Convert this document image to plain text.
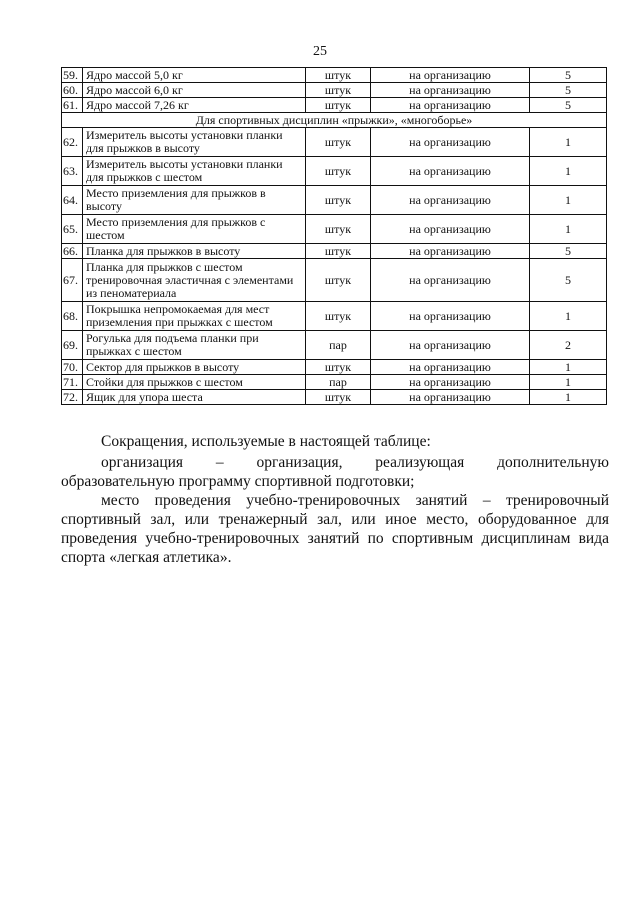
25
59.	Ядро массой 5,0 кг	штук	на организацию	5
60.	Ядро массой 6,0 кг	штук	на организацию	5
61.	Ядро массой 7,26 кг	штук	на организацию	5
Для спортивных дисциплин «прыжки», «многоборье»				
62.	Измеритель высоты установки планки для прыжков в высоту	штук	на организацию	1
63.	Измеритель высоты установки планки для прыжков с шестом	штук	на организацию	1
64.	Место приземления для прыжков в высоту	штук	на организацию	1
65.	Место приземления для прыжков с шестом	штук	на организацию	1
66.	Планка для прыжков в высоту	штук	на организацию	5
67.	Планка для прыжков с шестом тренировочная эластичная с элементами из пеноматериала	штук	на организацию	5
68.	Покрышка непромокаемая для мест приземления при прыжках с шестом	штук	на организацию	1
69.	Рогулька для подъема планки при прыжках с шестом	пар	на организацию	2
70.	Сектор для прыжков в высоту	штук	на организацию	1
71.	Стойки для прыжков с шестом	пар	на организацию	1
72.	Ящик для упора шеста	штук	на организацию	1

Сокращения, используемые в настоящей таблице:

организация – организация, реализующая дополнительную образовательную программу спортивной подготовки;

место проведения учебно-тренировочных занятий – тренировочный спортивный зал, или тренажерный зал, или иное место, оборудованное для проведения учебно-тренировочных занятий по спортивным дисциплинам вида спорта «легкая атлетика».
